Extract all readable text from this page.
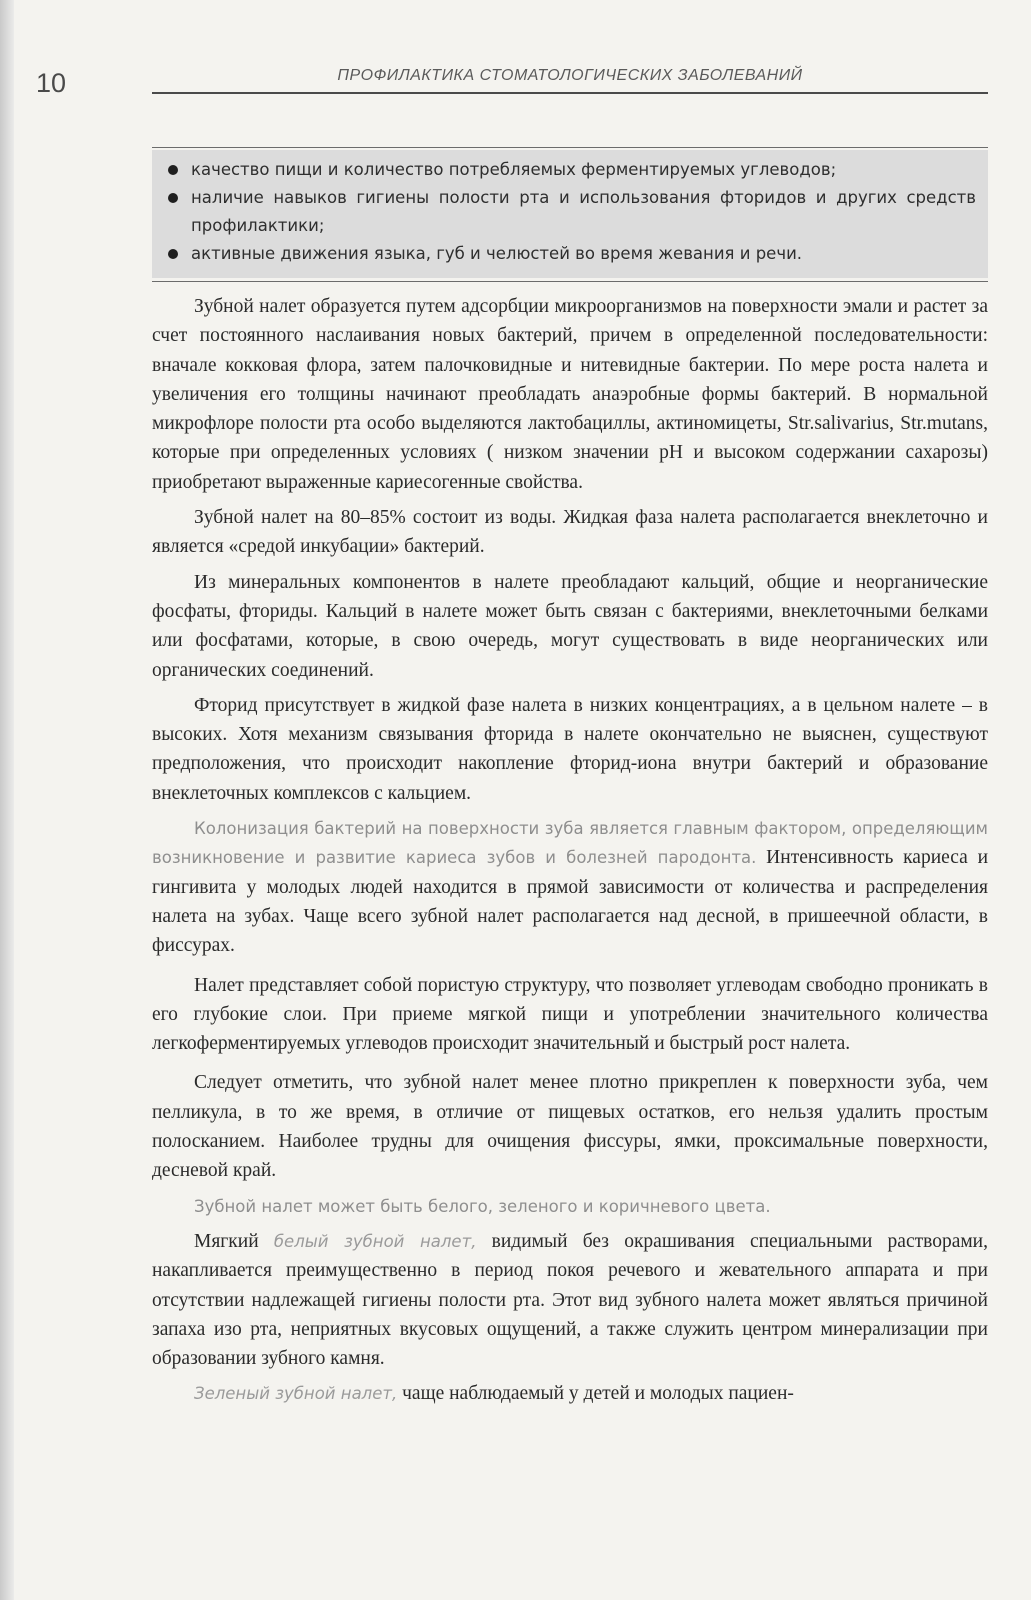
10	ПРОФИЛАКТИКА СТОМАТОЛОГИЧЕСКИХ ЗАБОЛЕВАНИЙ
качество пищи и количество потребляемых ферментируемых углеводов;
наличие навыков гигиены полости рта и использования фторидов и других средств профилактики;
активные движения языка, губ и челюстей во время жевания и речи.

Зубной налет образуется путем адсорбции микроорганизмов на поверхности эмали и растет за счет постоянного наслаивания новых бактерий, причем в определенной последовательности: вначале кокковая флора, затем палочковидные и нитевидные бактерии. По мере роста налета и увеличения его толщины начинают преобладать анаэробные формы бактерий. В нормальной микрофлоре полости рта особо выделяются лактобациллы, актиномицеты, Str.salivarius, Str.mutans, которые при определенных условиях ( низком значении pH и высоком содержании сахарозы) приобретают выраженные кариесогенные свойства.

Зубной налет на 80–85% состоит из воды. Жидкая фаза налета располагается внеклеточно и является «средой инкубации» бактерий.

Из минеральных компонентов в налете преобладают кальций, общие и неорганические фосфаты, фториды. Кальций в налете может быть связан с бактериями, внеклеточными белками или фосфатами, которые, в свою очередь, могут существовать в виде неорганических или органических соединений.

Фторид присутствует в жидкой фазе налета в низких концентрациях, а в цельном налете – в высоких. Хотя механизм связывания фторида в налете окончательно не выяснен, существуют предположения, что происходит накопление фторид-иона внутри бактерий и образование внеклеточных комплексов с кальцием.

Колонизация бактерий на поверхности зуба является главным фактором, определяющим возникновение и развитие кариеса зубов и болезней пародонта. Интенсивность кариеса и гингивита у молодых людей находится в прямой зависимости от количества и распределения налета на зубах. Чаще всего зубной налет располагается над десной, в пришеечной области, в фиссурах.

Налет представляет собой пористую структуру, что позволяет углеводам свободно проникать в его глубокие слои. При приеме мягкой пищи и употреблении значительного количества легкоферментируемых углеводов происходит значительный и быстрый рост налета.

Следует отметить, что зубной налет менее плотно прикреплен к поверхности зуба, чем пелликула, в то же время, в отличие от пищевых остатков, его нельзя удалить простым полосканием. Наиболее трудны для очищения фиссуры, ямки, проксимальные поверхности, десневой край.

Зубной налет может быть белого, зеленого и коричневого цвета.

Мягкий белый зубной налет, видимый без окрашивания специальными растворами, накапливается преимущественно в период покоя речевого и жевательного аппарата и при отсутствии надлежащей гигиены полости рта. Этот вид зубного налета может являться причиной запаха изо рта, неприятных вкусовых ощущений, а также служить центром минерализации при образовании зубного камня.

Зеленый зубной налет, чаще наблюдаемый у детей и молодых пациен-
